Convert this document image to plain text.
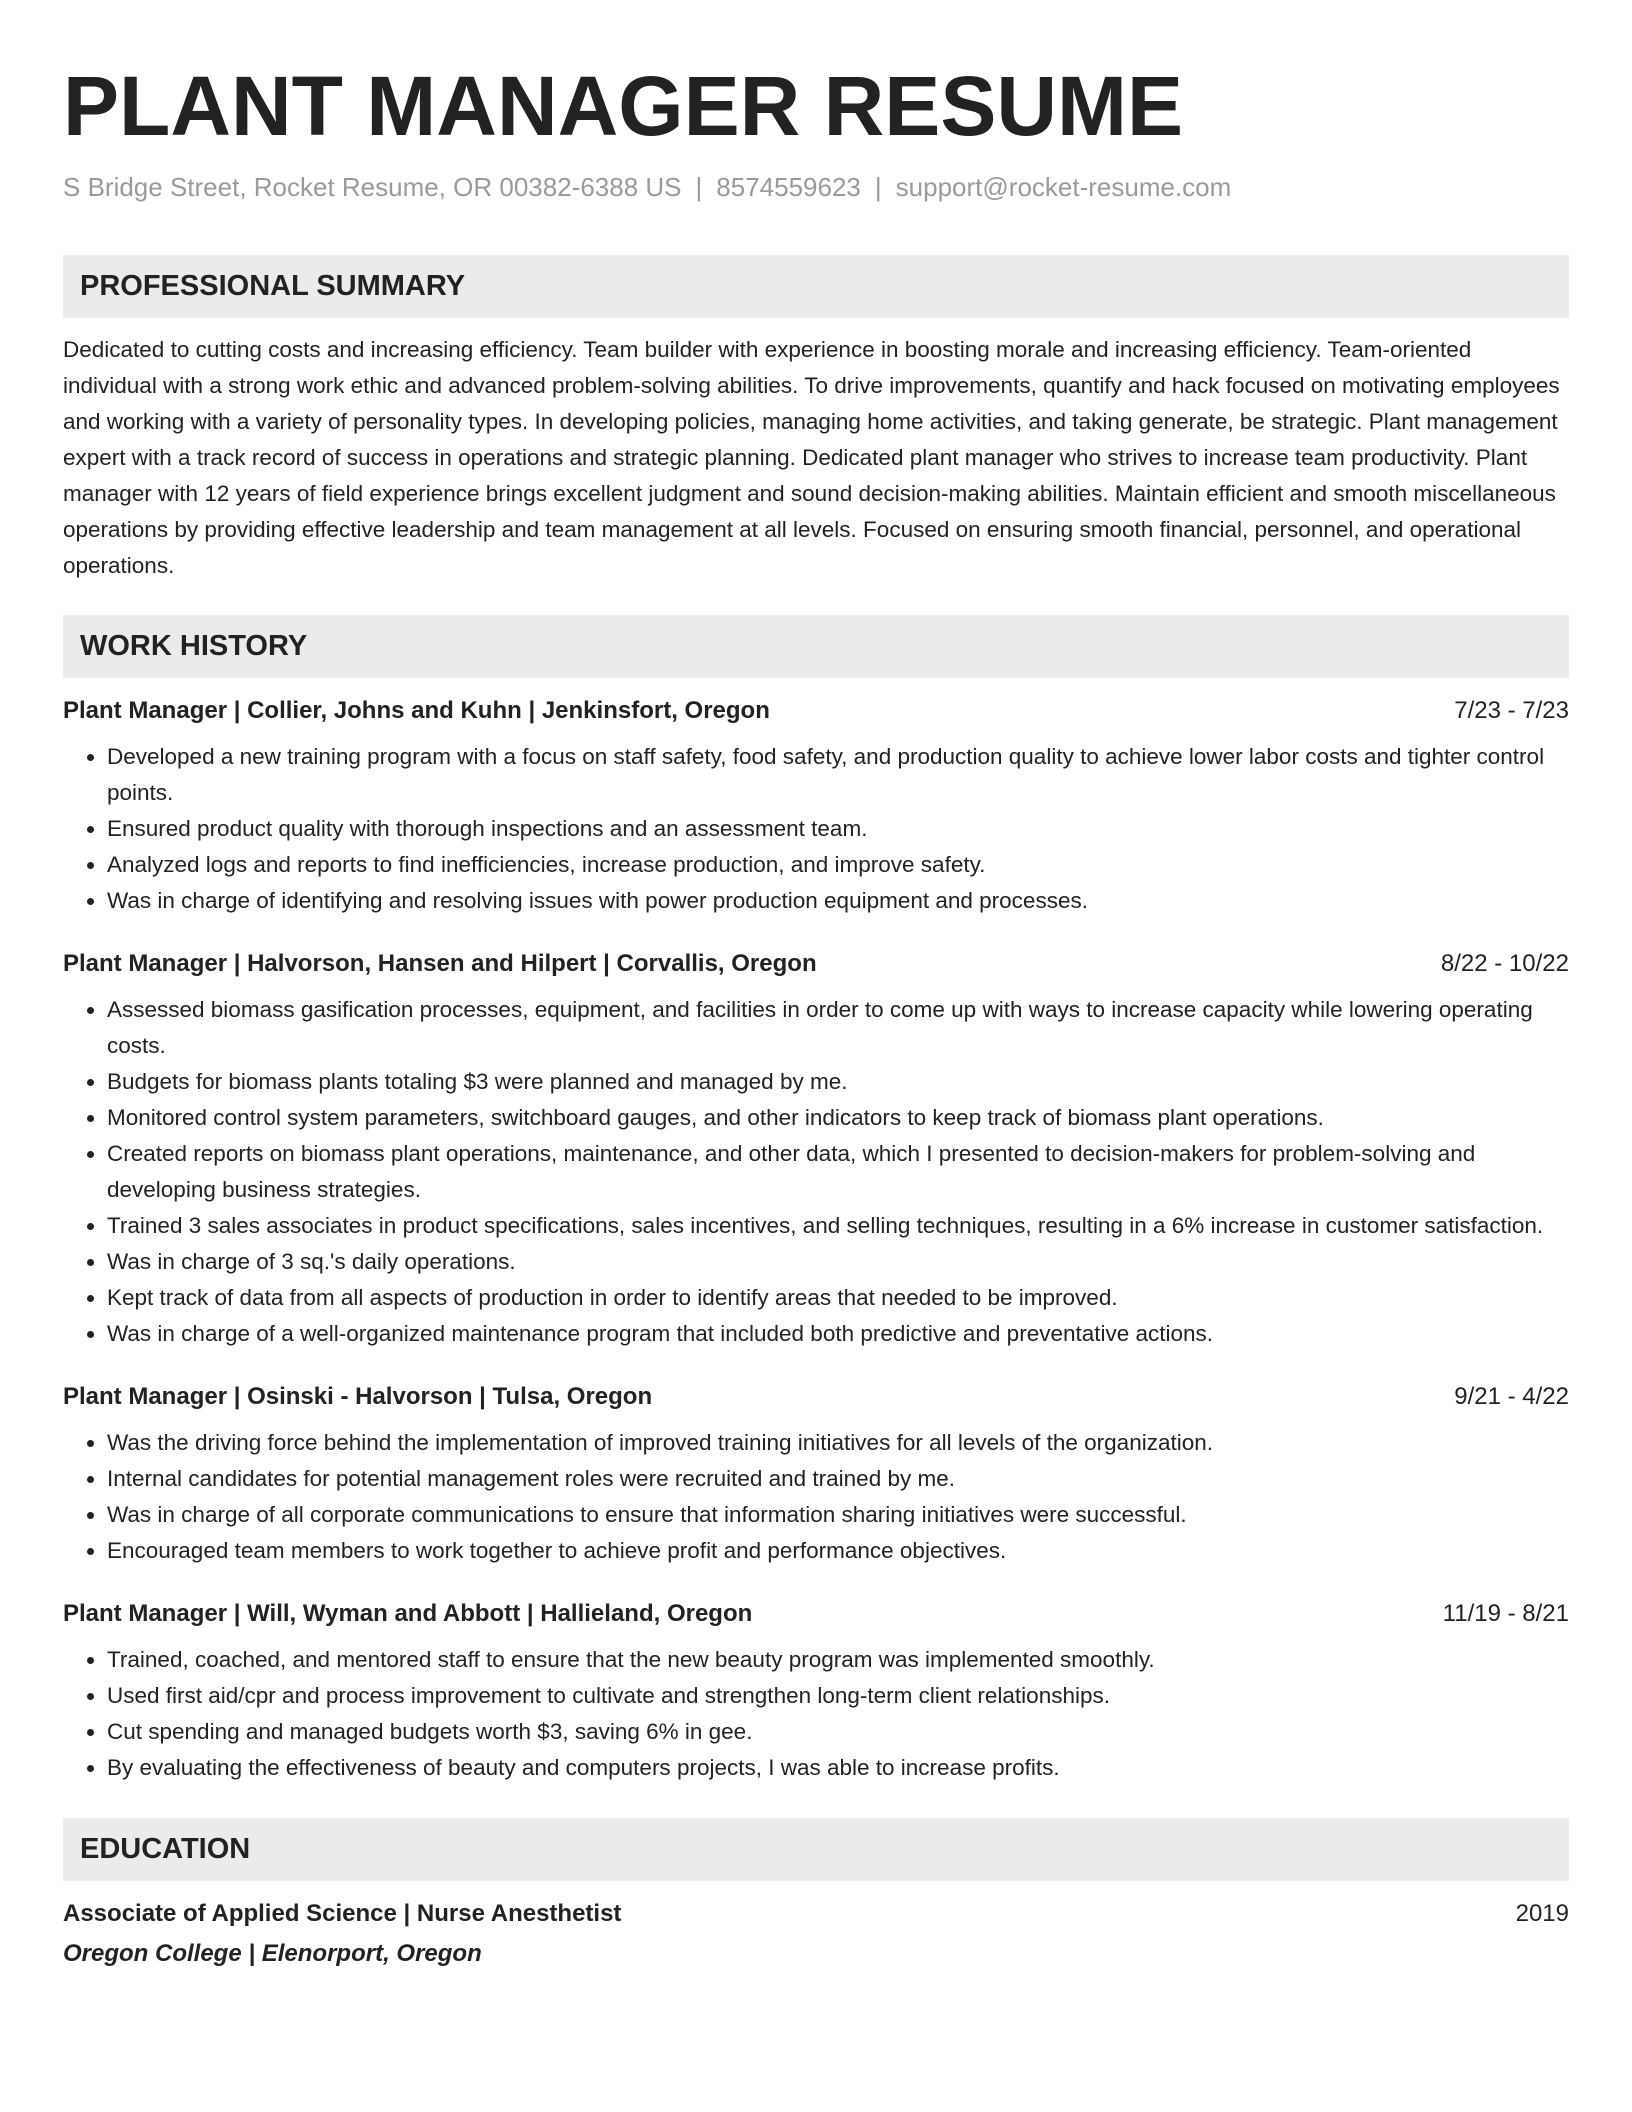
PLANT MANAGER RESUME
S Bridge Street, Rocket Resume, OR 00382-6388 US | 8574559623 | support@rocket-resume.com
PROFESSIONAL SUMMARY
Dedicated to cutting costs and increasing efficiency. Team builder with experience in boosting morale and increasing efficiency. Team-oriented individual with a strong work ethic and advanced problem-solving abilities. To drive improvements, quantify and hack focused on motivating employees and working with a variety of personality types. In developing policies, managing home activities, and taking generate, be strategic. Plant management expert with a track record of success in operations and strategic planning. Dedicated plant manager who strives to increase team productivity. Plant manager with 12 years of field experience brings excellent judgment and sound decision-making abilities. Maintain efficient and smooth miscellaneous operations by providing effective leadership and team management at all levels. Focused on ensuring smooth financial, personnel, and operational operations.
WORK HISTORY
Plant Manager | Collier, Johns and Kuhn | Jenkinsfort, Oregon	7/23 - 7/23
• Developed a new training program with a focus on staff safety, food safety, and production quality to achieve lower labor costs and tighter control points.
• Ensured product quality with thorough inspections and an assessment team.
• Analyzed logs and reports to find inefficiencies, increase production, and improve safety.
• Was in charge of identifying and resolving issues with power production equipment and processes.
Plant Manager | Halvorson, Hansen and Hilpert | Corvallis, Oregon	8/22 - 10/22
• Assessed biomass gasification processes, equipment, and facilities in order to come up with ways to increase capacity while lowering operating costs.
• Budgets for biomass plants totaling $3 were planned and managed by me.
• Monitored control system parameters, switchboard gauges, and other indicators to keep track of biomass plant operations.
• Created reports on biomass plant operations, maintenance, and other data, which I presented to decision-makers for problem-solving and developing business strategies.
• Trained 3 sales associates in product specifications, sales incentives, and selling techniques, resulting in a 6% increase in customer satisfaction.
• Was in charge of 3 sq.'s daily operations.
• Kept track of data from all aspects of production in order to identify areas that needed to be improved.
• Was in charge of a well-organized maintenance program that included both predictive and preventative actions.
Plant Manager | Osinski - Halvorson | Tulsa, Oregon	9/21 - 4/22
• Was the driving force behind the implementation of improved training initiatives for all levels of the organization.
• Internal candidates for potential management roles were recruited and trained by me.
• Was in charge of all corporate communications to ensure that information sharing initiatives were successful.
• Encouraged team members to work together to achieve profit and performance objectives.
Plant Manager | Will, Wyman and Abbott | Hallieland, Oregon	11/19 - 8/21
• Trained, coached, and mentored staff to ensure that the new beauty program was implemented smoothly.
• Used first aid/cpr and process improvement to cultivate and strengthen long-term client relationships.
• Cut spending and managed budgets worth $3, saving 6% in gee.
• By evaluating the effectiveness of beauty and computers projects, I was able to increase profits.
EDUCATION
Associate of Applied Science | Nurse Anesthetist	2019
Oregon College | Elenorport, Oregon
